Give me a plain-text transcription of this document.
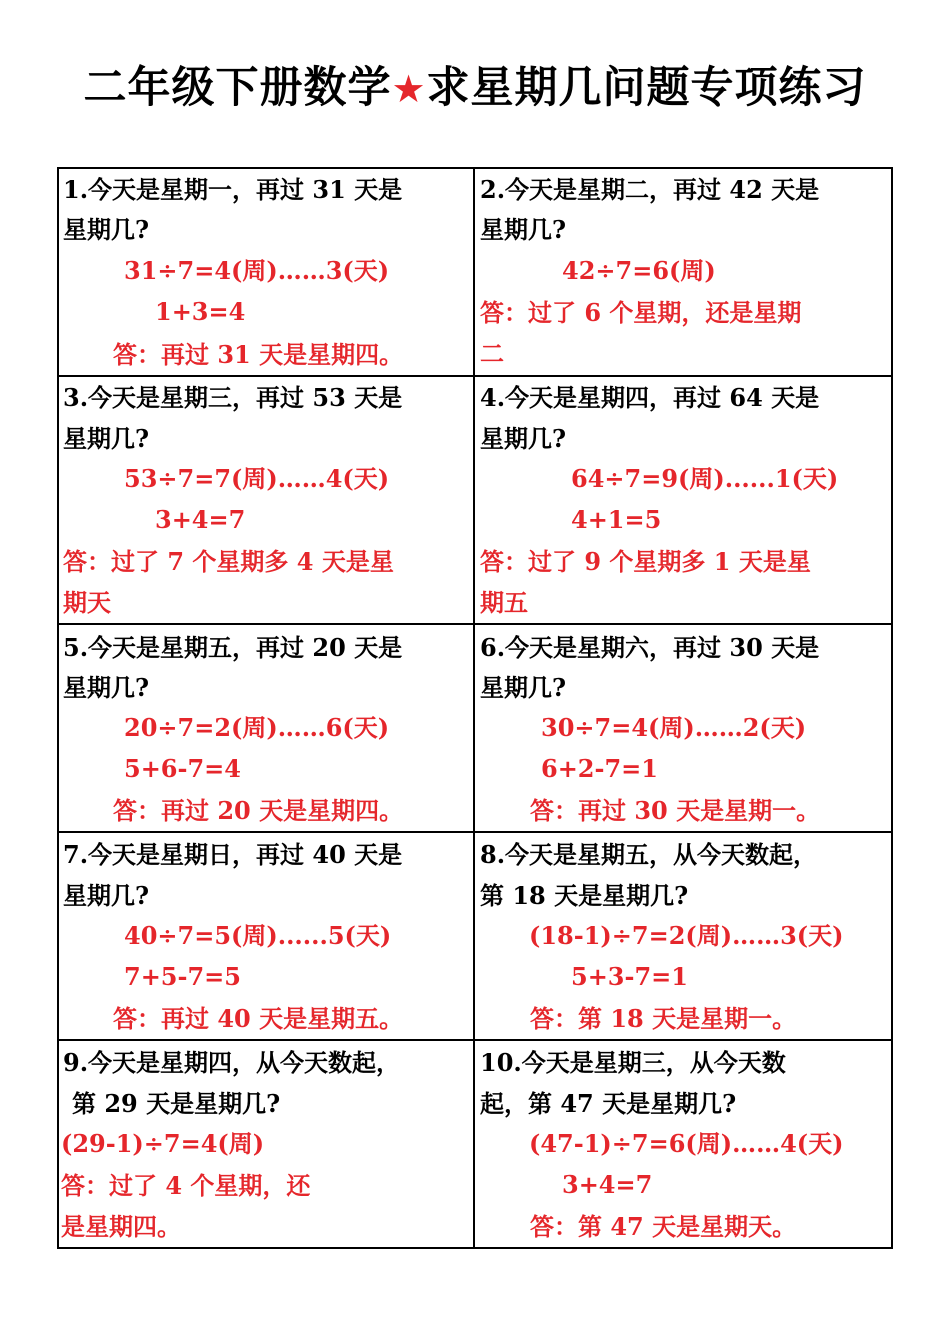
二年级下册数学★求星期几问题专项练习
1.今天是星期一，再过 31 天是
星期几?
31÷7=4(周)……3(天)
1+3=4
答：再过 31 天是星期四。
2.今天是星期二，再过 42 天是
星期几?
42÷7=6(周)
答：过了 6 个星期，还是星期
二
3.今天是星期三，再过 53 天是
星期几?
53÷7=7(周)……4(天)
3+4=7
答：过了 7 个星期多 4 天是星
期天
4.今天是星期四，再过 64 天是
星期几?
64÷7=9(周)......1(天)
4+1=5
答：过了 9 个星期多 1 天是星
期五
5.今天是星期五，再过 20 天是
星期几?
20÷7=2(周)……6(天)
5+6-7=4
答：再过 20 天是星期四。
6.今天是星期六，再过 30 天是
星期几?
30÷7=4(周)……2(天)
6+2-7=1
答：再过 30 天是星期一。
7.今天是星期日，再过 40 天是
星期几?
40÷7=5(周)......5(天)
7+5-7=5
答：再过 40 天是星期五。
8.今天是星期五，从今天数起，
第 18 天是星期几?
(18-1)÷7=2(周)……3(天)
5+3-7=1
答：第 18 天是星期一。
9.今天是星期四，从今天数起，
第 29 天是星期几?
(29-1)÷7=4(周)
答：过了 4 个星期，还
是星期四。
10.今天是星期三，从今天数
起，第 47 天是星期几?
(47-1)÷7=6(周)……4(天)
3+4=7
答：第 47 天是星期天。
